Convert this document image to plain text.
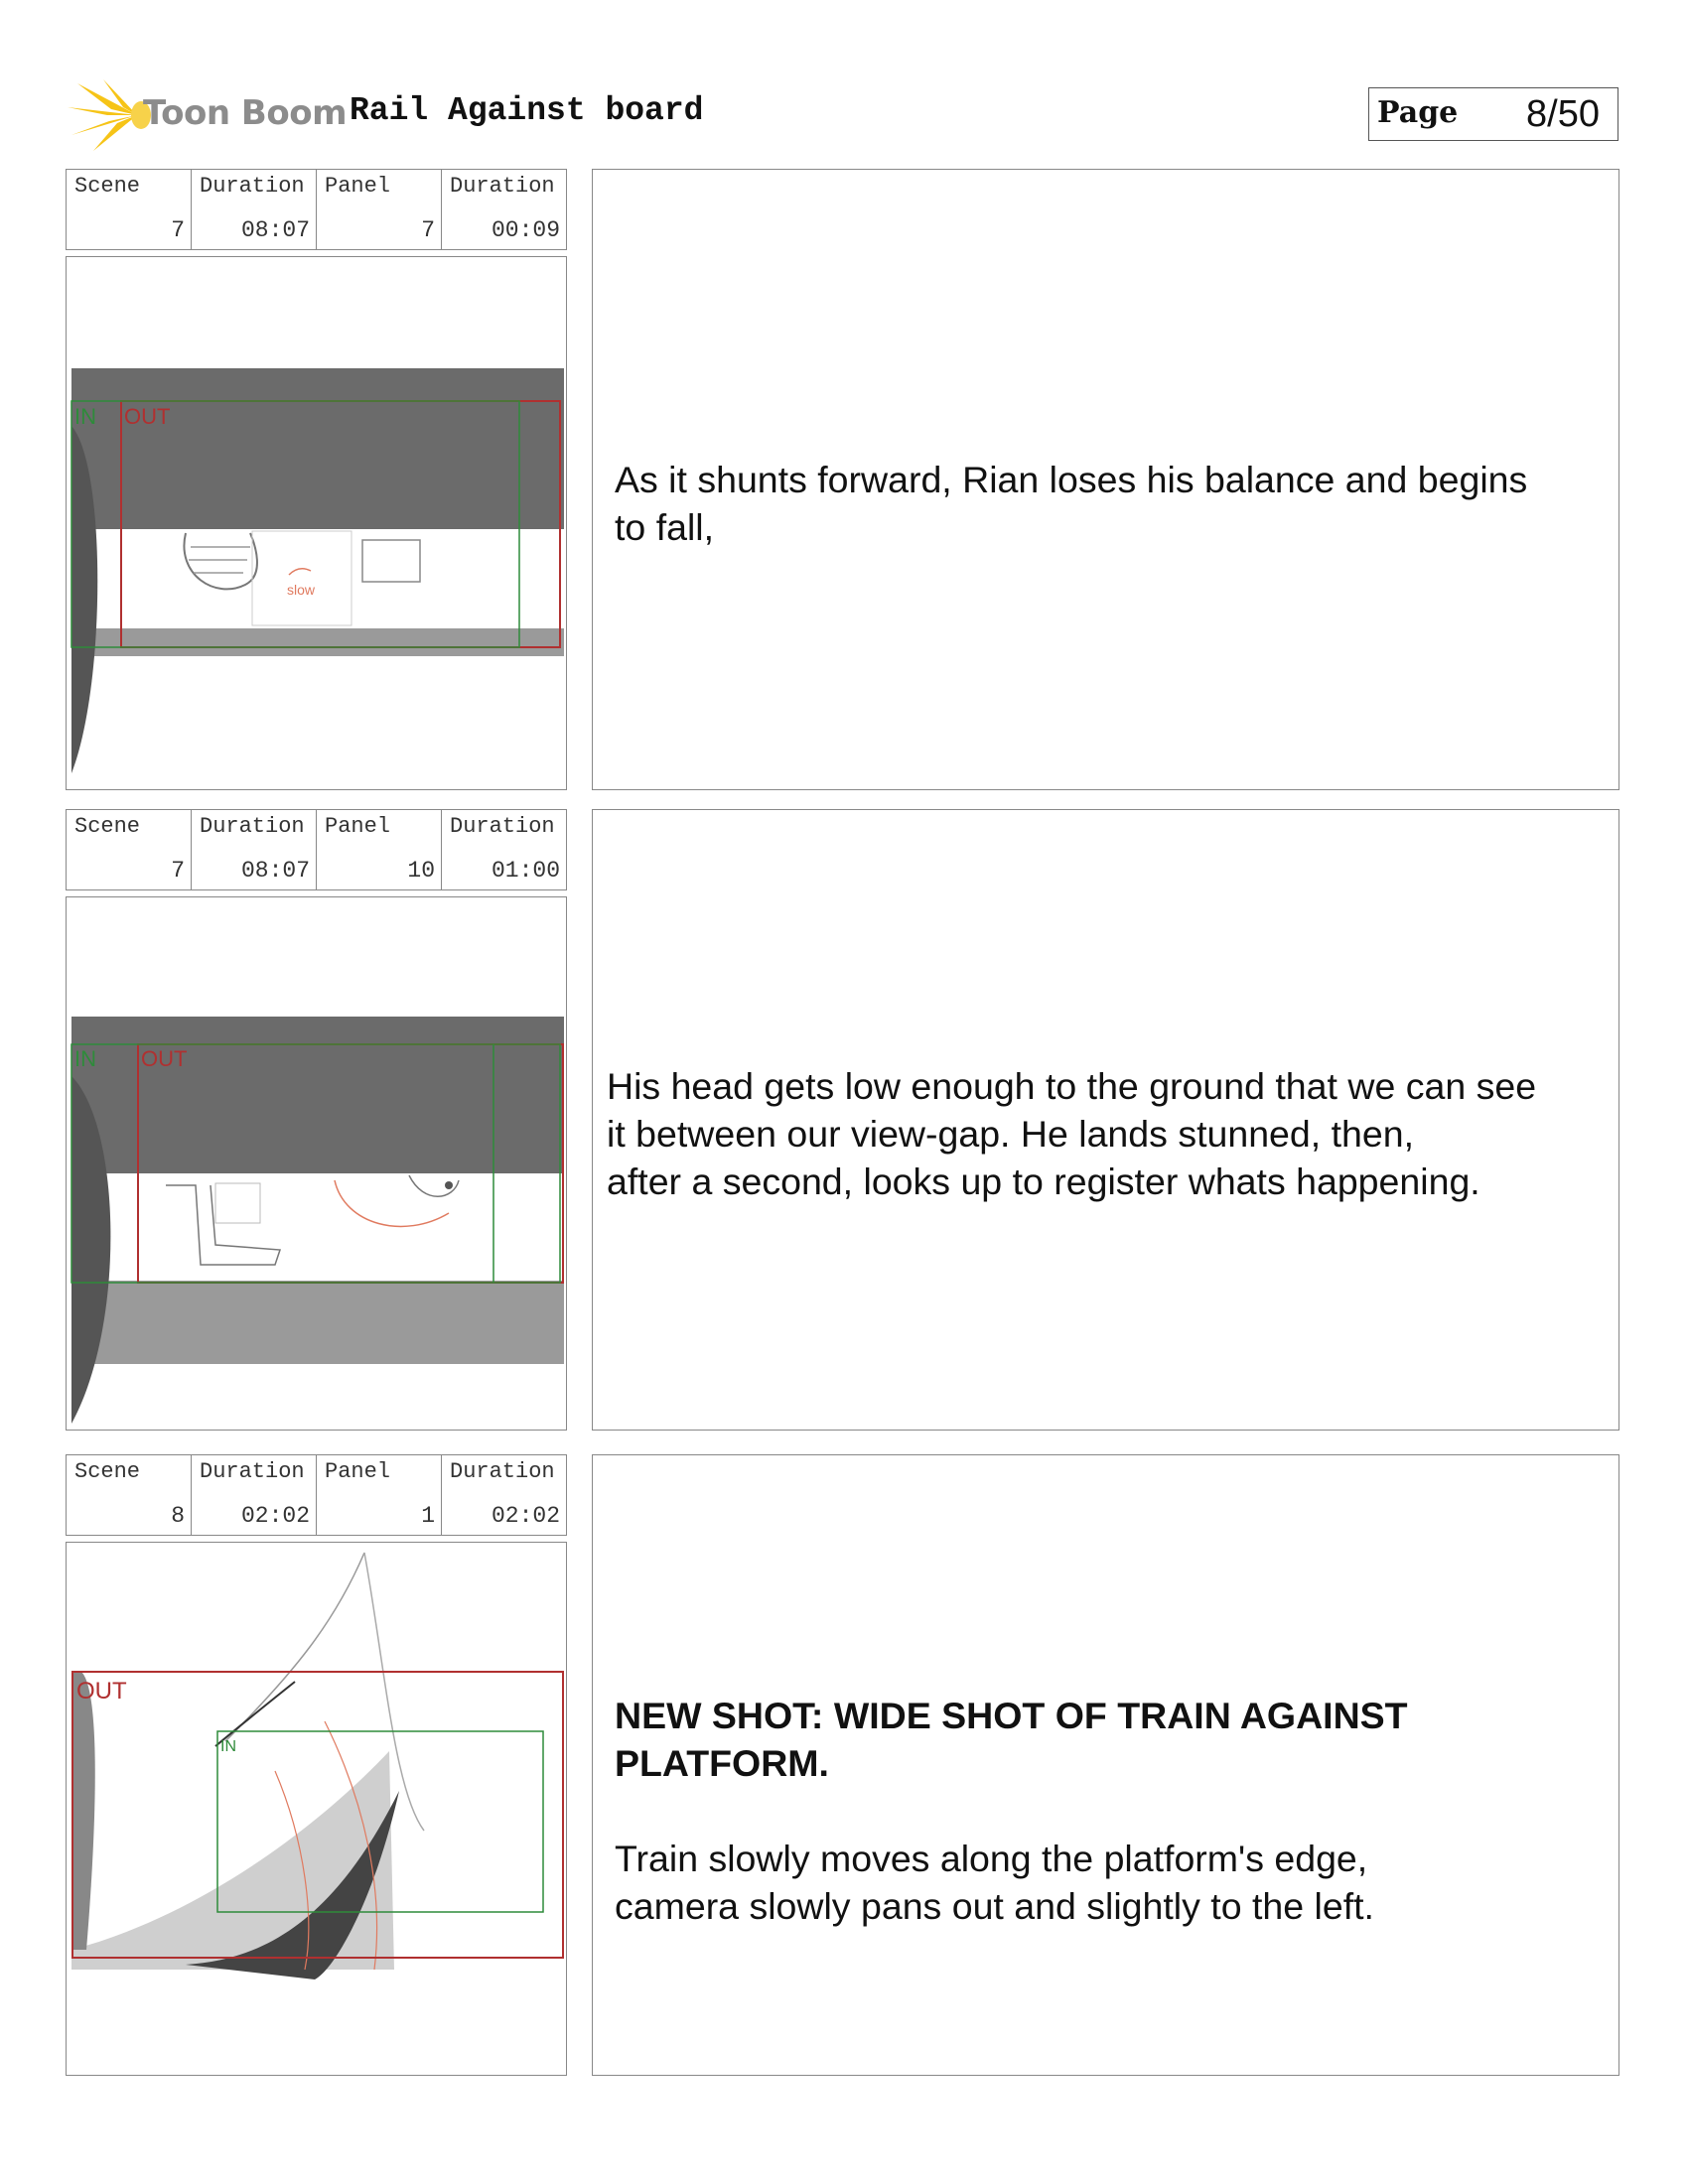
Toon Boom Rail Against board	Page 8/50
Scene
7
Duration
08:07
Panel
7
Duration
00:09
slow
IN OUT
As it shunts forward, Rian loses his balance and begins
to fall,
Scene
7
Duration
08:07
Panel
10
Duration
01:00
IN OUT
His head gets low enough to the ground that we can see
it between our view-gap. He lands stunned, then,
after a second, looks up to register whats happening.
Scene
8
Duration
02:02
Panel
1
Duration
02:02
OUT
IN
NEW SHOT: WIDE SHOT OF TRAIN AGAINST
PLATFORM.
Train slowly moves along the platform's edge,
camera slowly pans out and slightly to the left.
